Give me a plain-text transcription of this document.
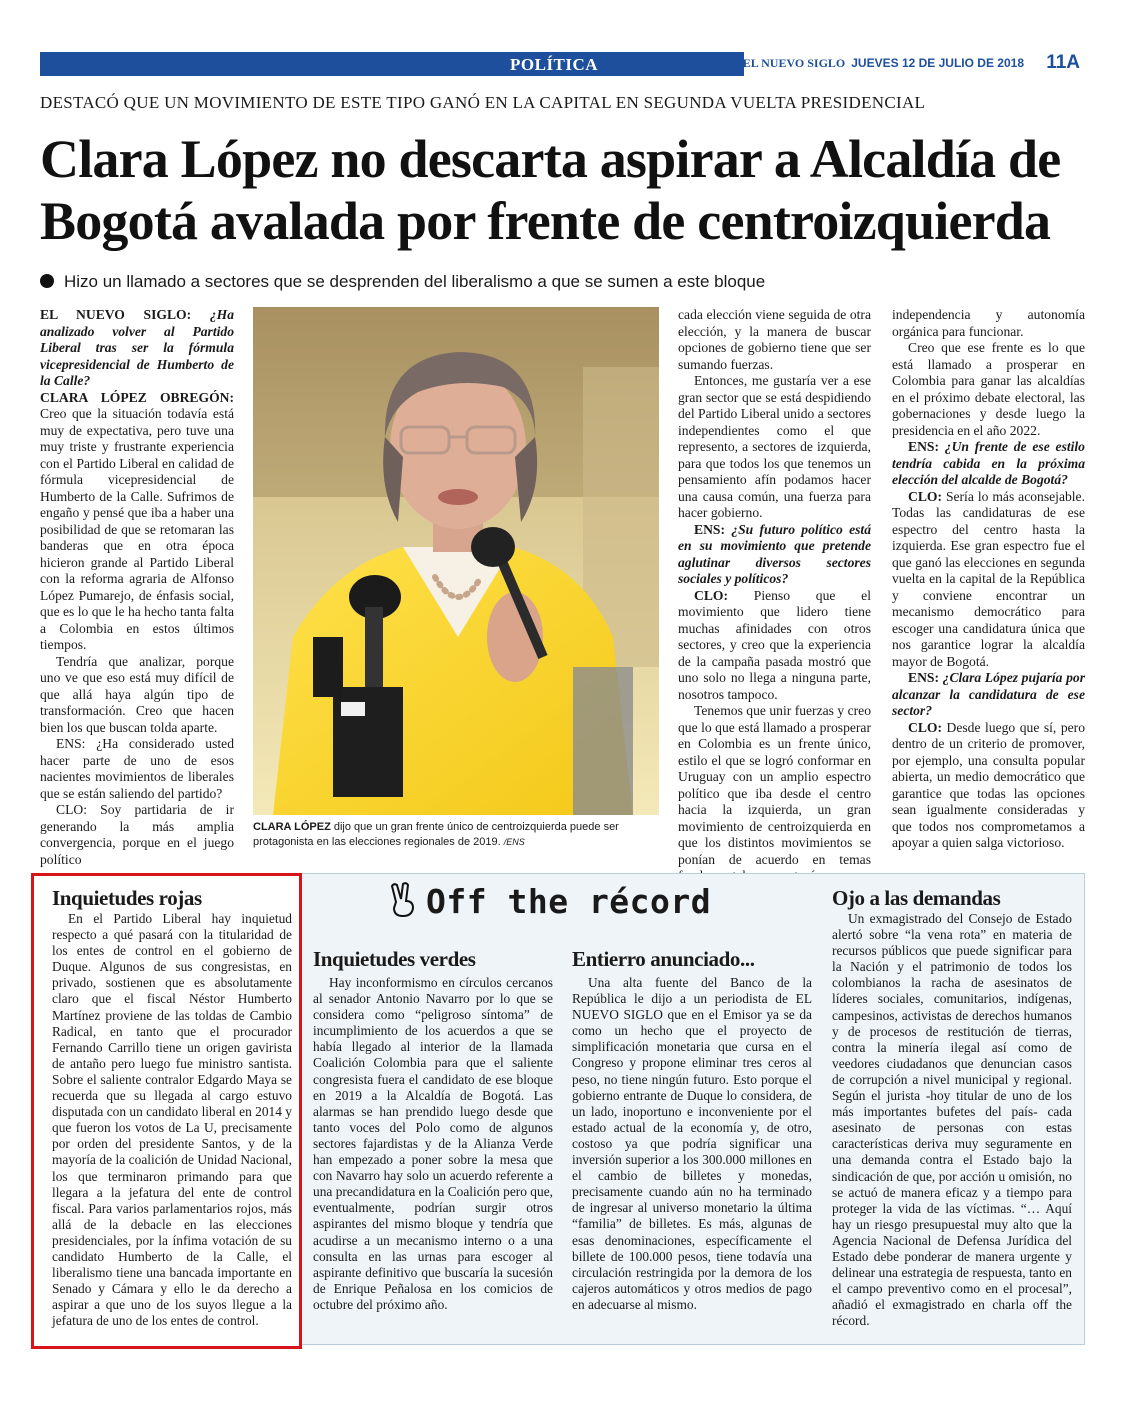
POLÍTICA	EL NUEVO SIGLO JUEVES 12 DE JULIO DE 2018 11A
DESTACÓ QUE UN MOVIMIENTO DE ESTE TIPO GANÓ EN LA CAPITAL EN SEGUNDA VUELTA PRESIDENCIAL
Clara López no descarta aspirar a Alcaldía de Bogotá avalada por frente de centroizquierda
Hizo un llamado a sectores que se desprenden del liberalismo a que se sumen a este bloque

EL NUEVO SIGLO: ¿Ha analizado volver al Partido Liberal tras ser la fórmula vicepresidencial de Humberto de la Calle?

CLARA LÓPEZ OBREGÓN: Creo que la situación todavía está muy de expectativa, pero tuve una muy triste y frustrante experiencia con el Partido Liberal en calidad de fórmula vicepresidencial de Humberto de la Calle. Sufrimos de engaño y pensé que iba a haber una posibilidad de que se retomaran las banderas que en otra época hicieron grande al Partido Liberal con la reforma agraria de Alfonso López Pumarejo, de énfasis social, que es lo que le ha hecho tanta falta a Colombia en estos últimos tiempos.

Tendría que analizar, porque uno ve que eso está muy difícil de que allá haya algún tipo de transformación. Creo que hacen bien los que buscan tolda aparte.

ENS: ¿Ha considerado usted hacer parte de uno de esos nacientes movimientos de liberales que se están saliendo del partido?

CLO: Soy partidaria de ir generando la más amplia convergencia, porque en el juego político

CLARA LÓPEZ dijo que un gran frente único de centroizquierda puede ser protagonista en las elecciones regionales de 2019. /ENS

cada elección viene seguida de otra elección, y la manera de buscar opciones de gobierno tiene que ser sumando fuerzas.

Entonces, me gustaría ver a ese gran sector que se está despidiendo del Partido Liberal unido a sectores independientes como el que represento, a sectores de izquierda, para que todos los que tenemos un pensamiento afín podamos hacer una causa común, una fuerza para hacer gobierno.

ENS: ¿Su futuro político está en su movimiento que pretende aglutinar diversos sectores sociales y políticos?

CLO: Pienso que el movimiento que lidero tiene muchas afinidades con otros sectores, y creo que la experiencia de la campaña pasada mostró que uno solo no llega a ninguna parte, nosotros tampoco.

Tenemos que unir fuerzas y creo que lo que está llamado a prosperar en Colombia es un frente único, estilo el que se logró conformar en Uruguay con un amplio espectro político que iba desde el centro hacia la izquierda, un gran movimiento de centroizquierda en que los distintos movimientos se ponían de acuerdo en temas

independencia y autonomía orgánica para funcionar.

Creo que ese frente es lo que está llamado a prosperar en Colombia para ganar las alcaldías en el próximo debate electoral, las gobernaciones y desde luego la presidencia en el año 2022.

ENS: ¿Un frente de ese estilo tendría cabida en la próxima elección del alcalde de Bogotá?

CLO: Sería lo más aconsejable. Todas las candidaturas de ese espectro del centro hasta la izquierda. Ese gran espectro fue el que ganó las elecciones en segunda vuelta en la capital de la República y conviene encontrar un mecanismo democrático para escoger una candidatura única que nos garantice lograr la alcaldía mayor de Bogotá.

ENS: ¿Clara López pujaría por alcanzar la candidatura de ese sector?

CLO: Desde luego que sí, pero dentro de un criterio de promover, por ejemplo, una consulta popular abierta, un medio democrático que garantice que todas las opciones sean igualmente consideradas y que todos nos comprometamos a apoyar a quien salga victorioso.

Off the récord
Inquietudes rojas

En el Partido Liberal hay inquietud respecto a qué pasará con la titularidad de los entes de control en el gobierno de Duque. Algunos de sus congresistas, en privado, sostienen que es absolutamente claro que el fiscal Néstor Humberto Martínez proviene de las toldas de Cambio Radical, en tanto que el procurador Fernando Carrillo tiene un origen gavirista de antaño pero luego fue ministro santista. Sobre el saliente contralor Edgardo Maya se recuerda que su llegada al cargo estuvo disputada con un candidato liberal en 2014 y que fueron los votos de La U, precisamente por orden del presidente Santos, y de la mayoría de la coalición de Unidad Nacional, los que terminaron primando para que llegara a la jefatura del ente de control fiscal. Para varios parlamentarios rojos, más allá de la debacle en las elecciones presidenciales, por la ínfima votación de su candidato Humberto de la Calle, el liberalismo tiene una bancada importante en Senado y Cámara y ello le da derecho a aspirar a que uno de los suyos llegue a la jefatura de uno de los entes de control.

Inquietudes verdes

Hay inconformismo en círculos cercanos al senador Antonio Navarro por lo que se considera como “peligroso síntoma” de incumplimiento de los acuerdos a que se había llegado al interior de la llamada Coalición Colombia para que el saliente congresista fuera el candidato de ese bloque en 2019 a la Alcaldía de Bogotá. Las alarmas se han prendido luego desde que tanto voces del Polo como de algunos sectores fajardistas y de la Alianza Verde han empezado a poner sobre la mesa que con Navarro hay solo un acuerdo referente a una precandidatura en la Coalición pero que, eventualmente, podrían surgir otros aspirantes del mismo bloque y tendría que acudirse a un mecanismo interno o a una consulta en las urnas para escoger al aspirante definitivo que buscaría la sucesión de Enrique Peñalosa en los comicios de octubre del próximo año.

Entierro anunciado...

Una alta fuente del Banco de la República le dijo a un periodista de EL NUEVO SIGLO que en el Emisor ya se da como un hecho que el proyecto de simplificación monetaria que cursa en el Congreso y propone eliminar tres ceros al peso, no tiene ningún futuro. Esto porque el gobierno entrante de Duque lo considera, de un lado, inoportuno e inconveniente por el estado actual de la economía y, de otro, costoso ya que podría significar una inversión superior a los 300.000 millones en el cambio de billetes y monedas, precisamente cuando aún no ha terminado de ingresar al universo monetario la última “familia” de billetes. Es más, algunas de esas denominaciones, específicamente el billete de 100.000 pesos, tiene todavía una circulación restringida por la demora de los cajeros automáticos y otros medios de pago en adecuarse al mismo.

Ojo a las demandas

Un exmagistrado del Consejo de Estado alertó sobre “la vena rota” en materia de recursos públicos que puede significar para la Nación y el patrimonio de todos los colombianos la racha de asesinatos de líderes sociales, comunitarios, indígenas, campesinos, activistas de derechos humanos y de procesos de restitución de tierras, contra la minería ilegal así como de veedores ciudadanos que denuncian casos de corrupción a nivel municipal y regional. Según el jurista -hoy titular de uno de los más importantes bufetes del país- cada asesinato de personas con estas características deriva muy seguramente en una demanda contra el Estado bajo la sindicación de que, por acción u omisión, no se actuó de manera eficaz y a tiempo para proteger la vida de las víctimas. “… Aquí hay un riesgo presupuestal muy alto que la Agencia Nacional de Defensa Jurídica del Estado debe ponderar de manera urgente y delinear una estrategia de respuesta, tanto en el campo preventivo como en el procesal”, añadió el exmagistrado en charla off the récord.
